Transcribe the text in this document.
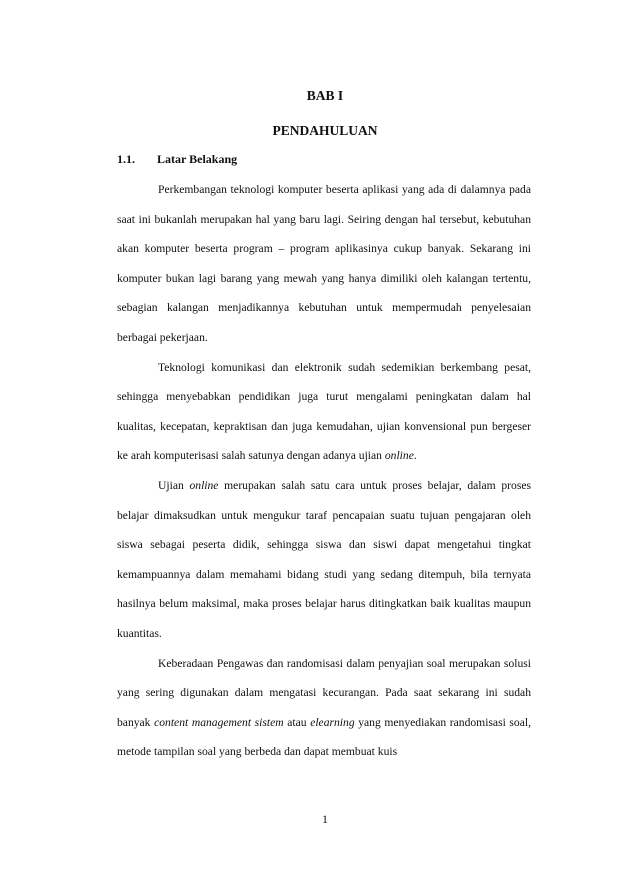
BAB I
PENDAHULUAN
1.1. Latar Belakang

Perkembangan teknologi komputer beserta aplikasi yang ada di dalamnya pada saat ini bukanlah merupakan hal yang baru lagi. Seiring dengan hal tersebut, kebutuhan akan komputer beserta program – program aplikasinya cukup banyak. Sekarang ini komputer bukan lagi barang yang mewah yang hanya dimiliki oleh kalangan tertentu, sebagian kalangan menjadikannya kebutuhan untuk mempermudah penyelesaian berbagai pekerjaan.

Teknologi komunikasi dan elektronik sudah sedemikian berkembang pesat, sehingga menyebabkan pendidikan juga turut mengalami peningkatan dalam hal kualitas, kecepatan, kepraktisan dan juga kemudahan, ujian konvensional pun bergeser ke arah komputerisasi salah satunya dengan adanya ujian online.

Ujian online merupakan salah satu cara untuk proses belajar, dalam proses belajar dimaksudkan untuk mengukur taraf pencapaian suatu tujuan pengajaran oleh siswa sebagai peserta didik, sehingga siswa dan siswi dapat mengetahui tingkat kemampuannya dalam memahami bidang studi yang sedang ditempuh, bila ternyata hasilnya belum maksimal, maka proses belajar harus ditingkatkan baik kualitas maupun kuantitas.

Keberadaan Pengawas dan randomisasi dalam penyajian soal merupakan solusi yang sering digunakan dalam mengatasi kecurangan. Pada saat sekarang ini sudah banyak content management sistem atau elearning yang menyediakan randomisasi soal, metode tampilan soal yang berbeda dan dapat membuat kuis

1
